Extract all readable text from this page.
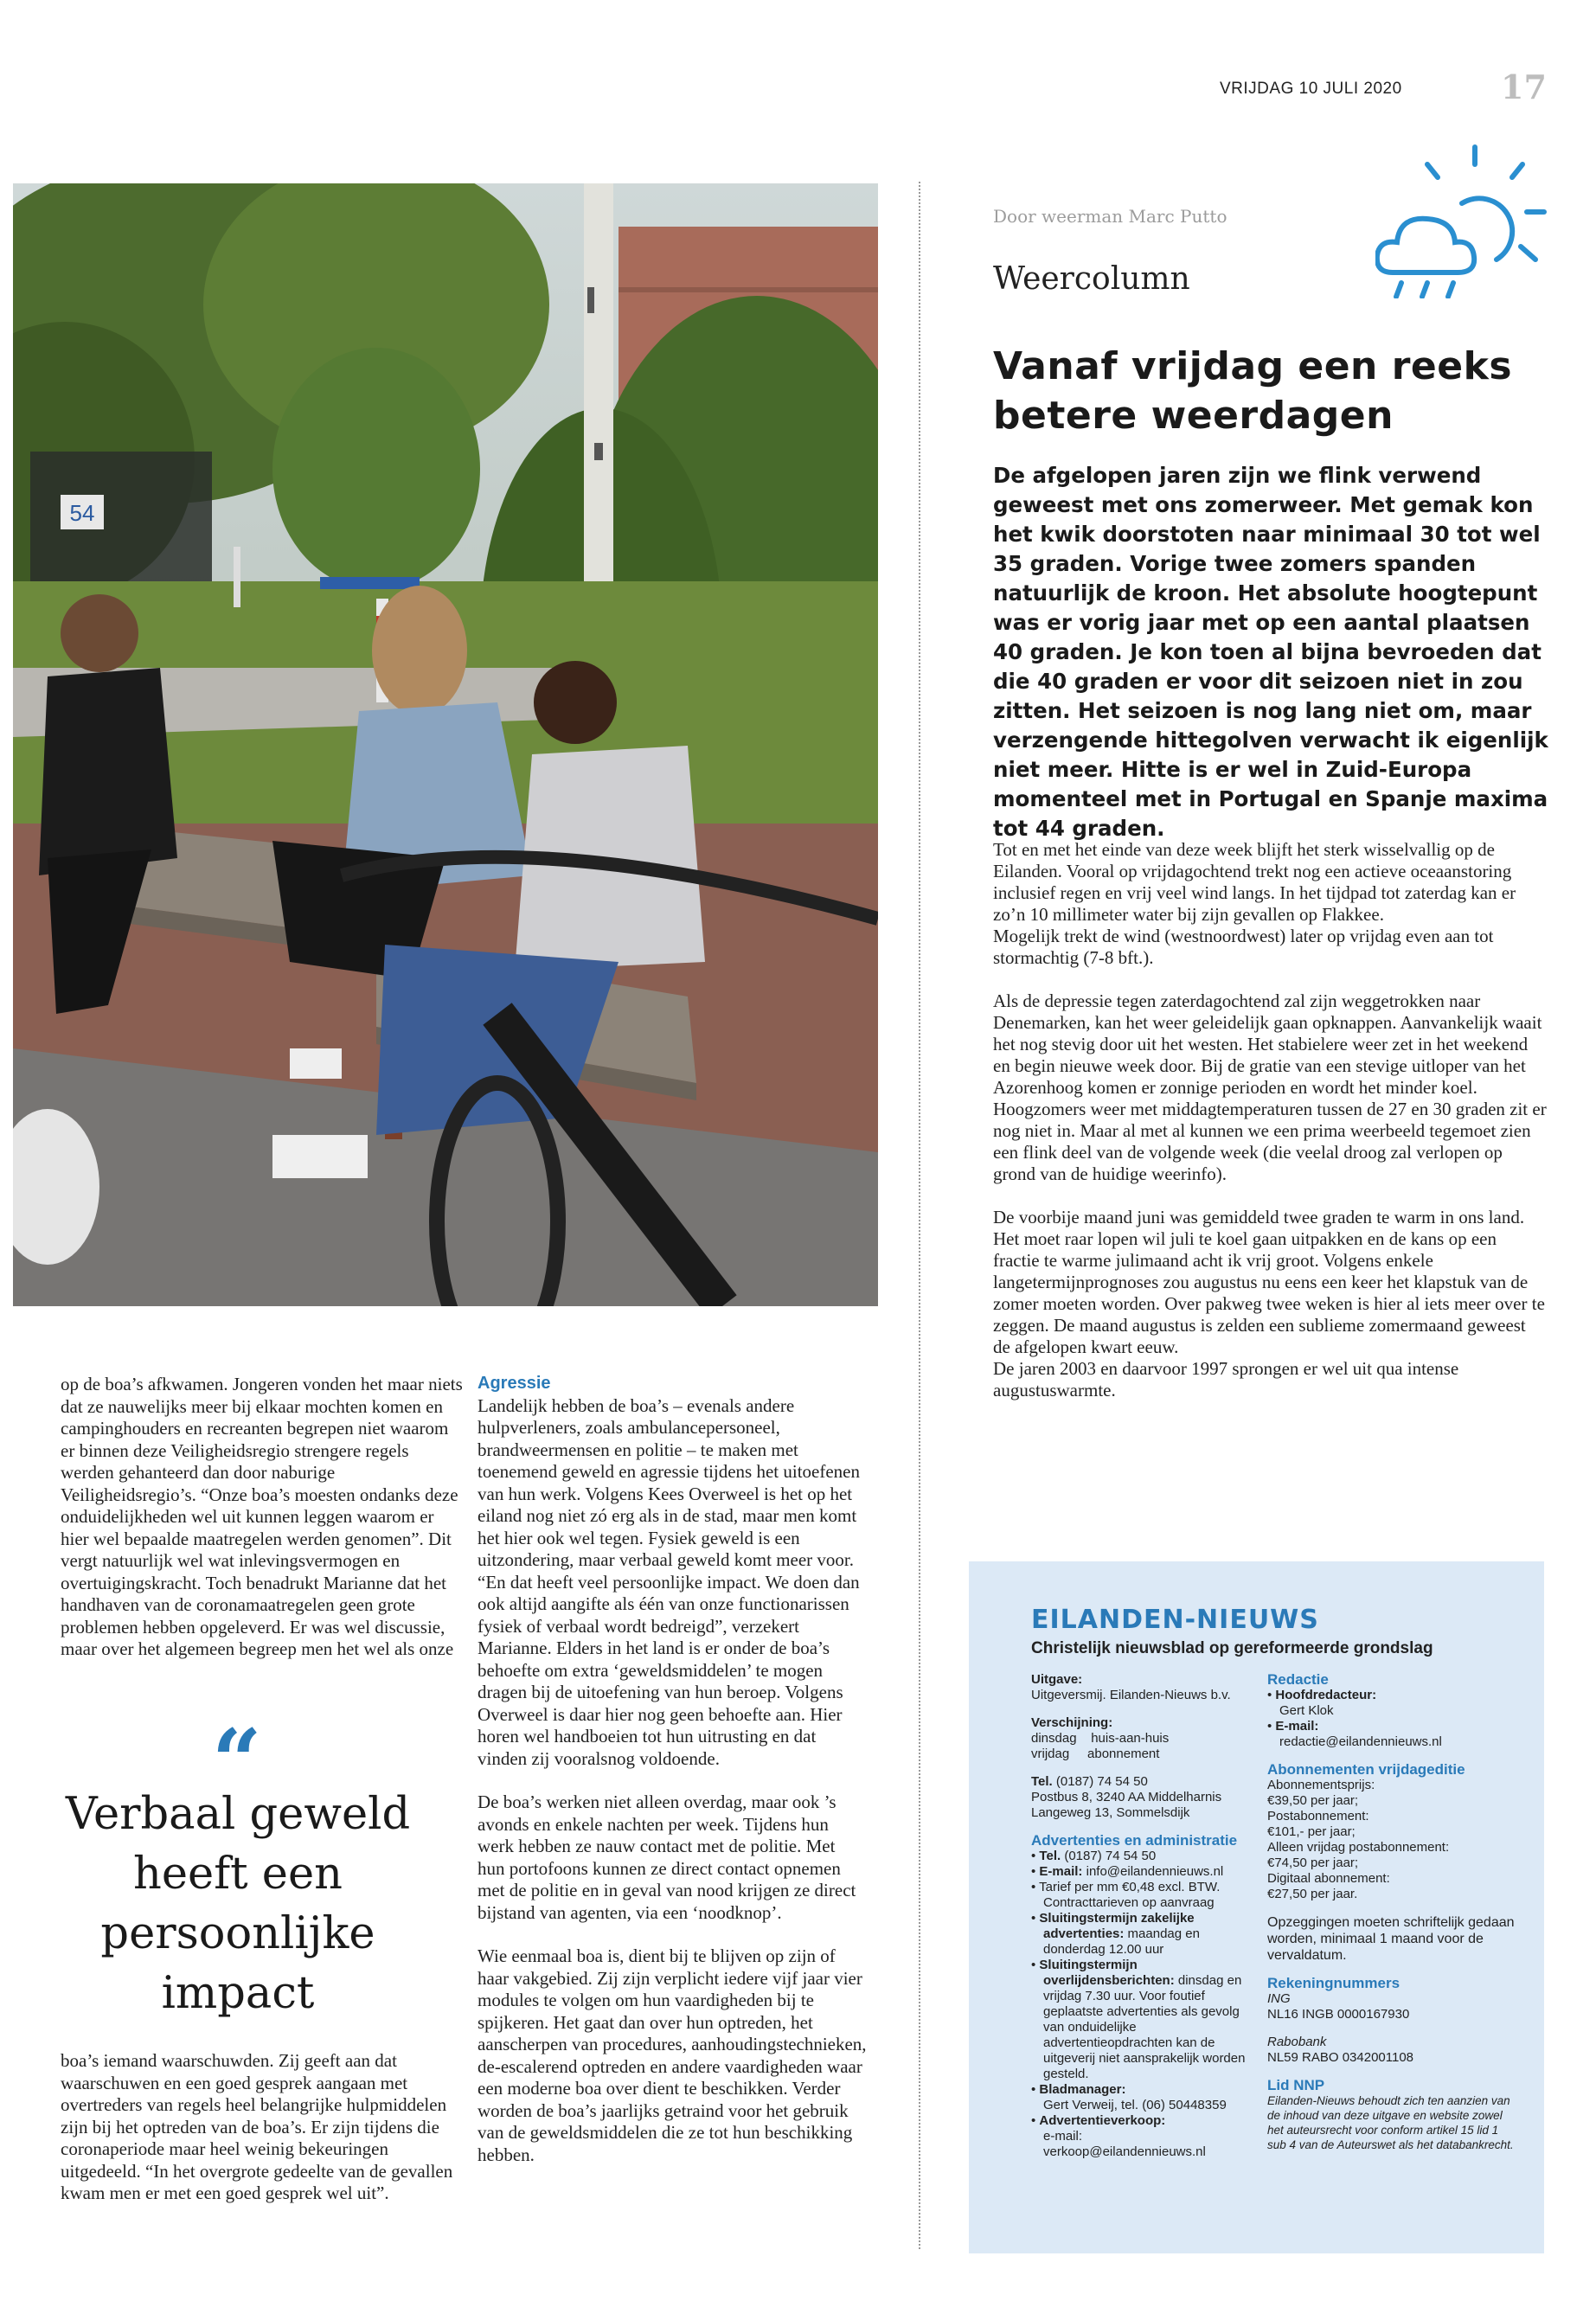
VRIJDAG 10 JULI 2020	17
54
Door weerman Marc Putto
Weercolumn
Vanaf vrijdag een reeks betere weerdagen
De afgelopen jaren zijn we flink verwend geweest met ons zomerweer. Met gemak kon het kwik doorstoten naar minimaal 30 tot wel 35 graden. Vorige twee zomers spanden natuurlijk de kroon. Het absolute hoogtepunt was er vorig jaar met op een aantal plaatsen 40 graden. Je kon toen al bijna bevroeden dat die 40 graden er voor dit seizoen niet in zou zitten. Het seizoen is nog lang niet om, maar verzengende hittegolven verwacht ik eigenlijk niet meer. Hitte is er wel in Zuid-Europa momenteel met in Portugal en Spanje maxima tot 44 graden.

Tot en met het einde van deze week blijft het sterk wisselvallig op de Eilanden. Vooral op vrijdagochtend trekt nog een actieve oceaanstoring inclusief regen en vrij veel wind langs. In het tijdpad tot zaterdag kan er zo’n 10 millimeter water bij zijn gevallen op Flakkee.
Mogelijk trekt de wind (westnoordwest) later op vrijdag even aan tot stormachtig (7-8 bft.).

Als de depressie tegen zaterdagochtend zal zijn weggetrokken naar Denemarken, kan het weer geleidelijk gaan opknappen. Aanvankelijk waait het nog stevig door uit het westen. Het stabielere weer zet in het weekend en begin nieuwe week door. Bij de gratie van een stevige uitloper van het Azorenhoog komen er zonnige perioden en wordt het minder koel. Hoogzomers weer met middagtemperaturen tussen de 27 en 30 graden zit er nog niet in. Maar al met al kunnen we een prima weerbeeld tegemoet zien een flink deel van de volgende week (die veelal droog zal verlopen op grond van de huidige weerinfo).

De voorbije maand juni was gemiddeld twee graden te warm in ons land. Het moet raar lopen wil juli te koel gaan uitpakken en de kans op een fractie te warme julimaand acht ik vrij groot. Volgens enkele langetermijnprognoses zou augustus nu eens een keer het klapstuk van de zomer moeten worden. Over pakweg twee weken is hier al iets meer over te zeggen. De maand augustus is zelden een sublieme zomermaand geweest de afgelopen kwart eeuw.
De jaren 2003 en daarvoor 1997 sprongen er wel uit qua intense augustuswarmte.

op de boa’s afkwamen. Jongeren vonden het maar niets dat ze nauwelijks meer bij elkaar mochten komen en campinghouders en recreanten begrepen niet waarom er binnen deze Veiligheidsregio strengere regels werden gehanteerd dan door naburige Veiligheidsregio’s. “Onze boa’s moesten ondanks deze onduidelijkheden wel uit kunnen leggen waarom er hier wel bepaalde maatregelen werden genomen”. Dit vergt natuurlijk wel wat inlevingsvermogen en overtuigingskracht. Toch benadrukt Marianne dat het handhaven van de coronamaatregelen geen grote problemen hebben opgeleverd. Er was wel discussie, maar over het algemeen begreep men het wel als onze

“
Verbaal geweld heeft een persoonlijke impact

boa’s iemand waarschuwden. Zij geeft aan dat waarschuwen en een goed gesprek aangaan met overtreders van regels heel belangrijke hulpmiddelen zijn bij het optreden van de boa’s. Er zijn tijdens die coronaperiode maar heel weinig bekeuringen uitgedeeld. “In het overgrote gedeelte van de gevallen kwam men er met een goed gesprek wel uit”.

Agressie

Landelijk hebben de boa’s – evenals andere hulpverleners, zoals ambulancepersoneel, brandweermensen en politie – te maken met toenemend geweld en agressie tijdens het uitoefenen van hun werk. Volgens Kees Overweel is het op het eiland nog niet zó erg als in de stad, maar men komt het hier ook wel tegen. Fysiek geweld is een uitzondering, maar verbaal geweld komt meer voor. “En dat heeft veel persoonlijke impact. We doen dan ook altijd aangifte als één van onze functionarissen fysiek of verbaal wordt bedreigd”, verzekert Marianne. Elders in het land is er onder de boa’s behoefte om extra ‘geweldsmiddelen’ te mogen dragen bij de uitoefening van hun beroep. Volgens Overweel is daar hier nog geen behoefte aan. Hier horen wel handboeien tot hun uitrusting en dat vinden zij vooralsnog voldoende.

De boa’s werken niet alleen overdag, maar ook ’s avonds en enkele nachten per week. Tijdens hun werk hebben ze nauw contact met de politie. Met hun portofoons kunnen ze direct contact opnemen met de politie en in geval van nood krijgen ze direct bijstand van agenten, via een ‘noodknop’.

Wie eenmaal boa is, dient bij te blijven op zijn of haar vakgebied. Zij zijn verplicht iedere vijf jaar vier modules te volgen om hun vaardigheden bij te spijkeren. Het gaat dan over hun optreden, het aanscherpen van procedures, aanhoudingstechnieken, de-escalerend optreden en andere vaardigheden waar een moderne boa over dient te beschikken. Verder worden de boa’s jaarlijks getraind voor het gebruik van de geweldsmiddelen die ze tot hun beschikking hebben.

EILANDEN-NIEUWS
Christelijk nieuwsblad op gereformeerde grondslag
Uitgave:
Uitgeversmij. Eilanden-Nieuws b.v.
Verschijning:
dinsdag    huis-aan-huis
vrijdag     abonnement
Tel. (0187) 74 54 50
Postbus 8, 3240 AA Middelharnis
Langeweg 13, Sommelsdijk
Advertenties en administratie
• Tel. (0187) 74 54 50
• E-mail: info@eilandennieuws.nl
• Tarief per mm €0,48 excl. BTW.
Contracttarieven op aanvraag
• Sluitingstermijn zakelijke advertenties: maandag en donderdag 12.00 uur
• Sluitingstermijn overlijdensberichten: dinsdag en vrijdag 7.30 uur. Voor foutief geplaatste advertenties als gevolg van onduidelijke advertentieopdrachten kan de uitgeverij niet aansprakelijk worden gesteld.
• Bladmanager:
Gert Verweij, tel. (06) 50448359
• Advertentieverkoop:
e-mail:
verkoop@eilandennieuws.nl
Redactie
• Hoofdredacteur:
Gert Klok
• E-mail:
redactie@eilandennieuws.nl
Abonnementen vrijdageditie
Abonnementsprijs:
€39,50 per jaar;
Postabonnement:
€101,- per jaar;
Alleen vrijdag postabonnement:
€74,50 per jaar;
Digitaal abonnement:
€27,50 per jaar.
Opzeggingen moeten schriftelijk gedaan worden, minimaal 1 maand voor de vervaldatum.
Rekeningnummers
ING
NL16 INGB 0000167930
Rabobank
NL59 RABO 0342001108
Lid NNP
Eilanden-Nieuws behoudt zich ten aanzien van de inhoud van deze uitgave en website zowel het auteursrecht voor conform artikel 15 lid 1 sub 4 van de Auteurswet als het databankrecht.
